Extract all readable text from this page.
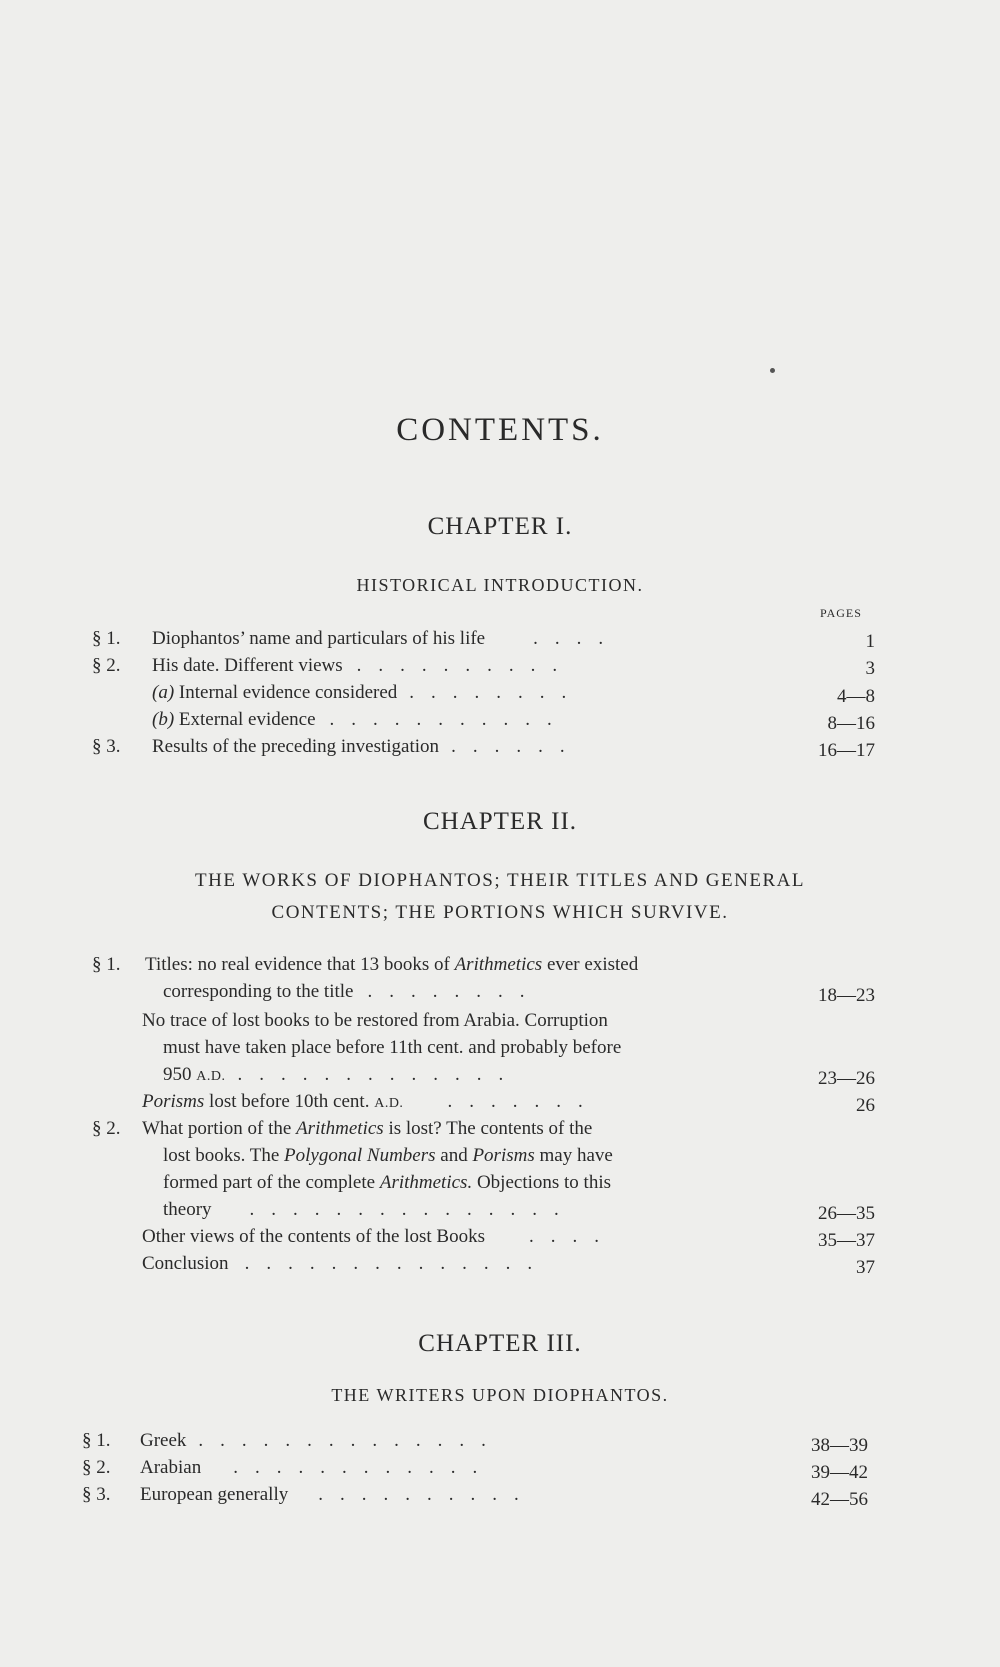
CONTENTS.
CHAPTER I.
HISTORICAL INTRODUCTION.
PAGES
§ 1. Diophantos’ name and particulars of his life	....	1
§ 2. His date. Different views ..........	3
(a) Internal evidence considered ........	4—8
(b) External evidence ...........	8—16
§ 3. Results of the preceding investigation ......	16—17
CHAPTER II.
THE WORKS OF DIOPHANTOS; THEIR TITLES AND GENERAL
CONTENTS; THE PORTIONS WHICH SURVIVE.
§ 1. Titles: no real evidence that 13 books of Arithmetics ever existed
corresponding to the title ........	18—23
No trace of lost books to be restored from Arabia. Corruption
must have taken place before 11th cent. and probably before
950 A.D. .............	23—26
Porisms lost before 10th cent. A.D. .......	26
§ 2. What portion of the Arithmetics is lost? The contents of the
lost books. The Polygonal Numbers and Porisms may have
formed part of the complete Arithmetics. Objections to this
theory ...............	26—35
Other views of the contents of the lost Books ....	35—37
Conclusion ..............	37
CHAPTER III.
THE WRITERS UPON DIOPHANTOS.
§ 1. Greek ..............	38—39
§ 2. Arabian ............	39—42
§ 3. European generally ..........	42—56
